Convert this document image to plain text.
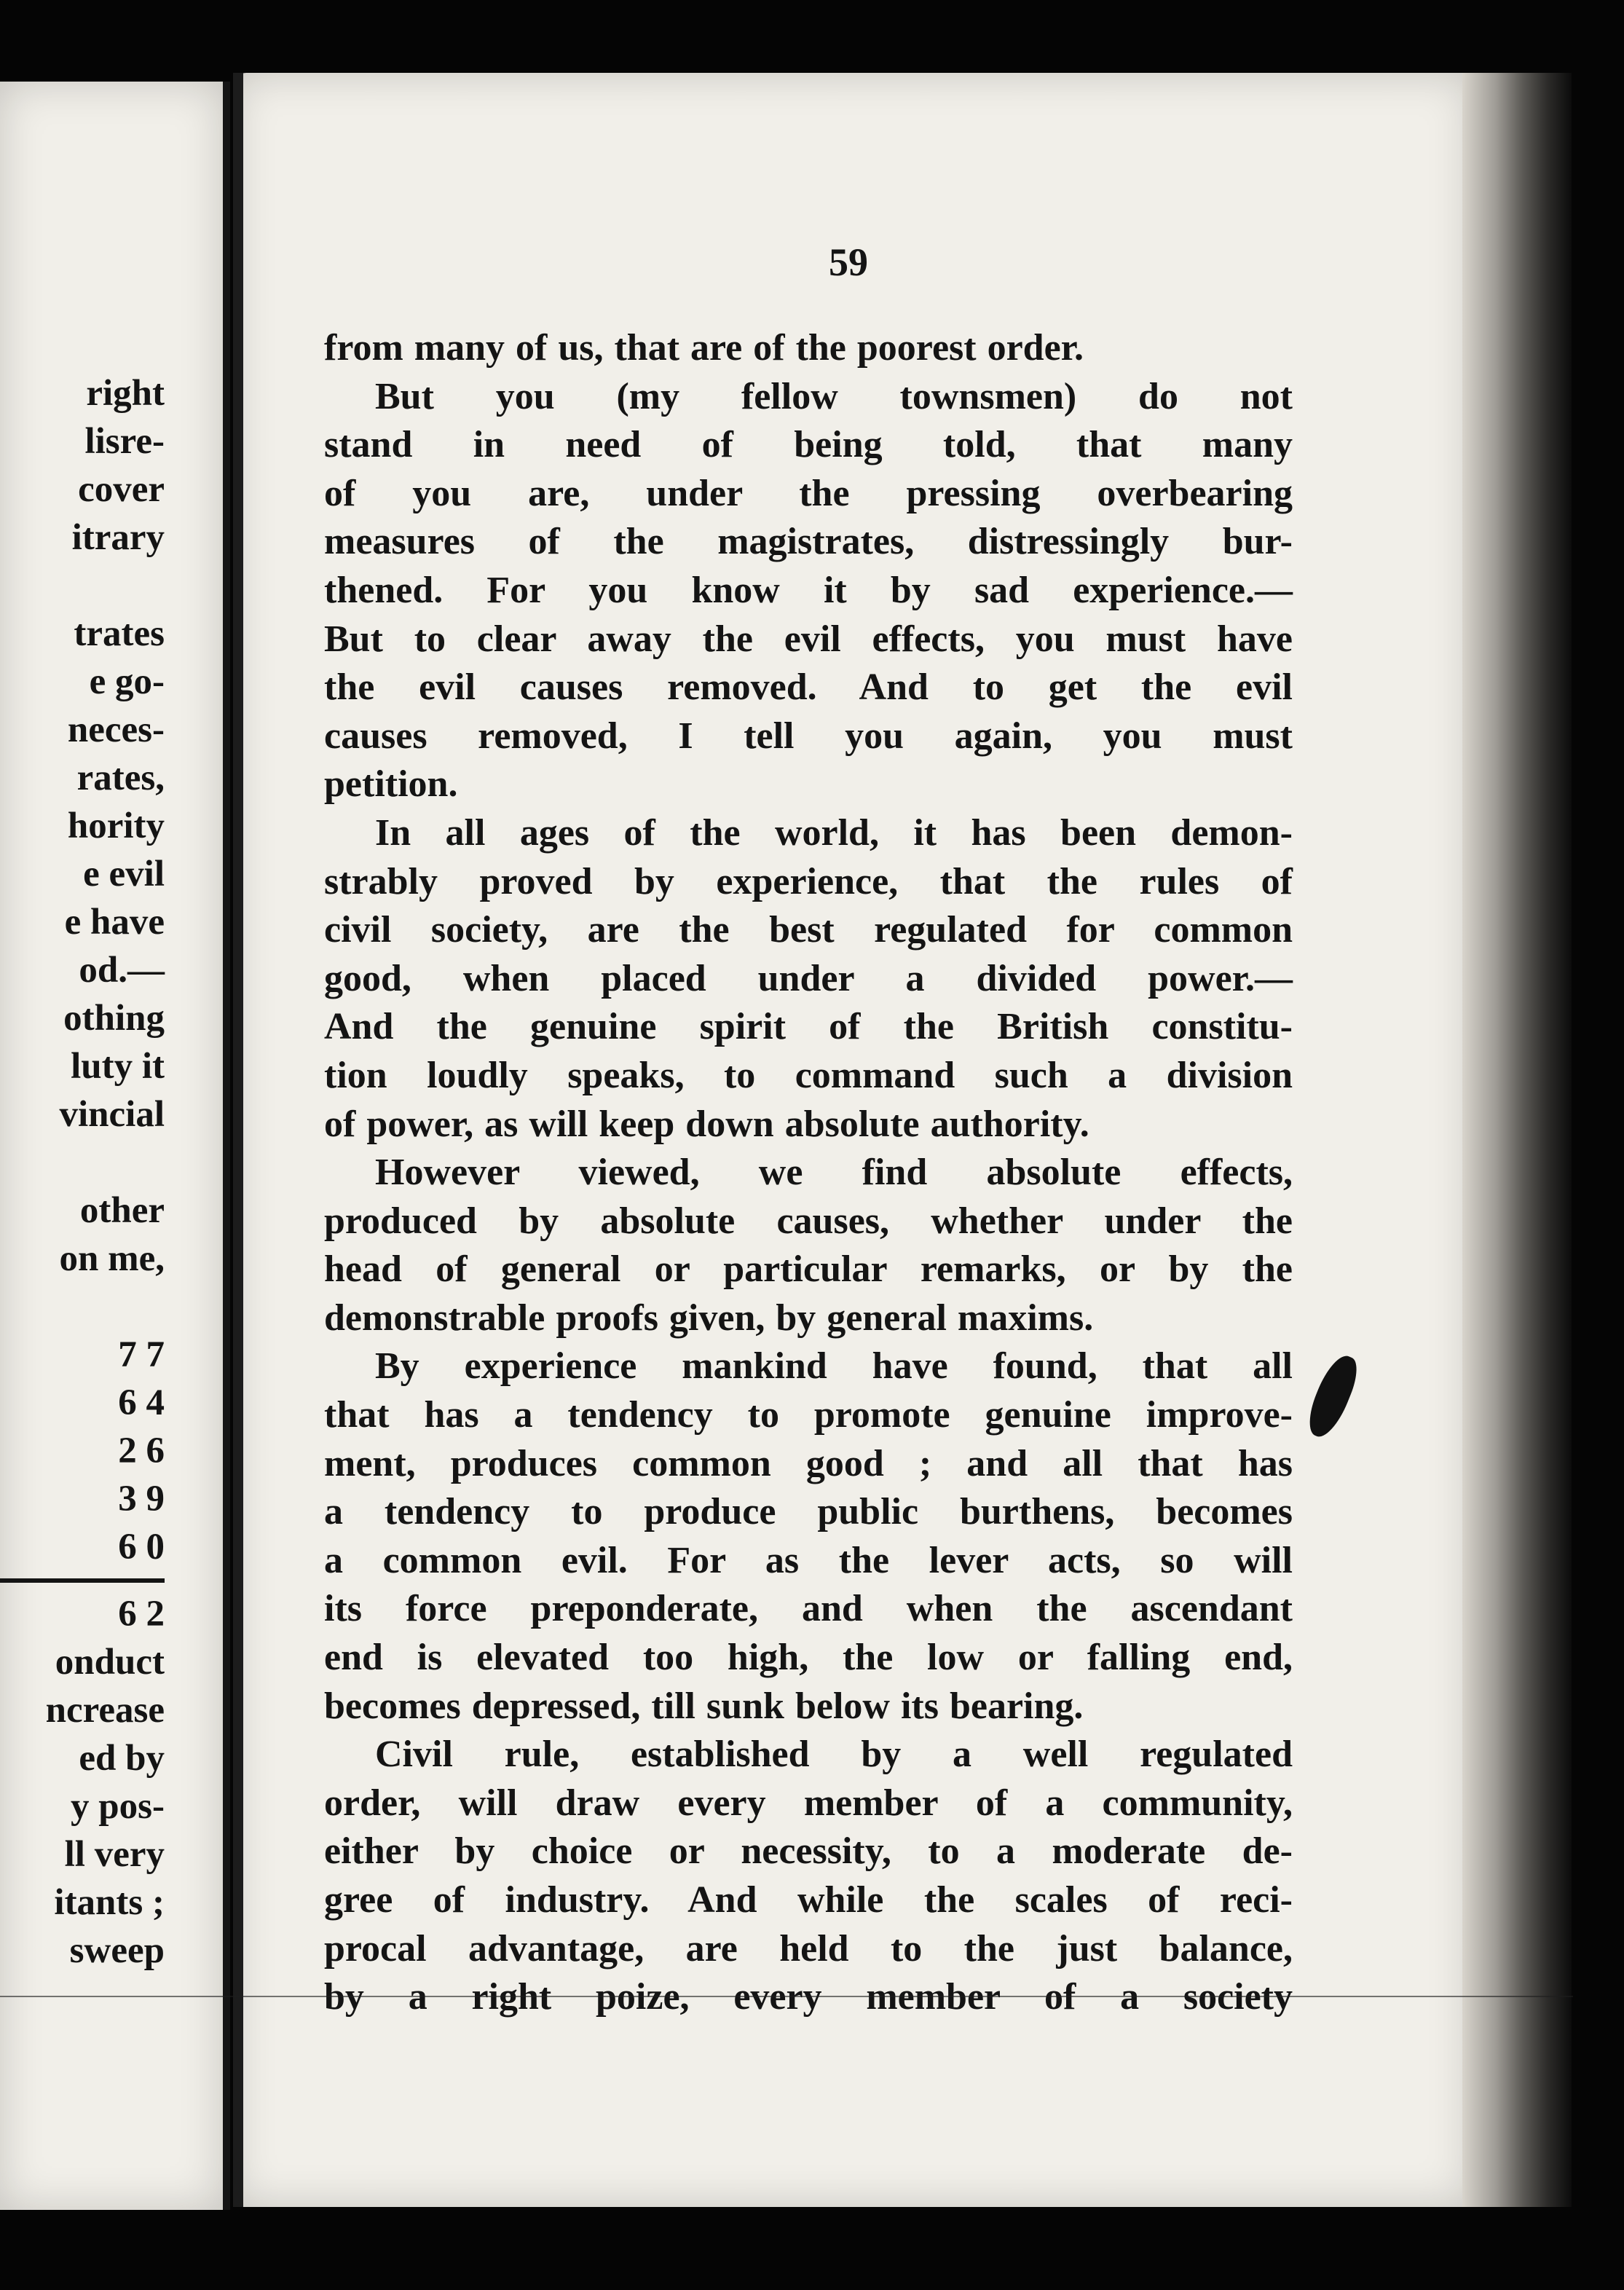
right
lisre-
cover
itrary
trates
e go-
neces-
rates,
hority
e evil
e have
od.—
othing
luty it
vincial
other
on me,
7 7
6 4
2 6
3 9
6 0
6 2
onduct
ncrease
ed by
y pos-
ll very
itants ;
sweep
59
from many of us, that are of the poorest order.
But you (my fellow townsmen) do not
stand in need of being told, that many
of you are, under the pressing overbearing
measures of the magistrates, distressingly bur-
thened. For you know it by sad experience.—
But to clear away the evil effects, you must have
the evil causes removed. And to get the evil
causes removed, I tell you again, you must
petition.
In all ages of the world, it has been demon-
strably proved by experience, that the rules of
civil society, are the best regulated for common
good, when placed under a divided power.—
And the genuine spirit of the British constitu-
tion loudly speaks, to command such a division
of power, as will keep down absolute authority.
However viewed, we find absolute effects,
produced by absolute causes, whether under the
head of general or particular remarks, or by the
demonstrable proofs given, by general maxims.
By experience mankind have found, that all
that has a tendency to promote genuine improve-
ment, produces common good ; and all that has
a tendency to produce public burthens, becomes
a common evil. For as the lever acts, so will
its force preponderate, and when the ascendant
end is elevated too high, the low or falling end,
becomes depressed, till sunk below its bearing.
Civil rule, established by a well regulated
order, will draw every member of a community,
either by choice or necessity, to a moderate de-
gree of industry. And while the scales of reci-
procal advantage, are held to the just balance,
by a right poize, every member of a society
